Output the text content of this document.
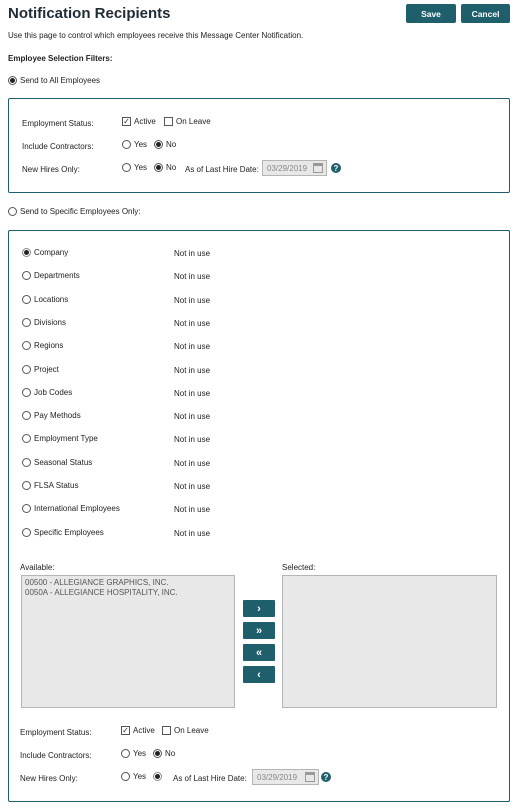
Notification Recipients	Save	Cancel
Use this page to control which employees receive this Message Center Notification.
Employee Selection Filters:
Send to All Employees
Employment Status:	✓ Active	On Leave
Include Contractors:	Yes No
New Hires Only:	Yes No As of Last Hire Date: 03/29/2019	?
Send to Specific Employees Only:
Company	Not in use
Departments	Not in use
Locations	Not in use
Divisions	Not in use
Regions	Not in use
Project	Not in use
Job Codes	Not in use
Pay Methods	Not in use
Employment Type	Not in use
Seasonal Status	Not in use
FLSA Status	Not in use
International Employees	Not in use
Specific Employees	Not in use
Available:	Selected:
00500 - ALLEGIANCE GRAPHICS, INC.
0050A - ALLEGIANCE HOSPITALITY, INC.
›
»
«
‹
Employment Status:	✓ Active On Leave
Include Contractors:	Yes No
New Hires Only:	Yes	As of Last Hire Date: 03/29/2019	?
